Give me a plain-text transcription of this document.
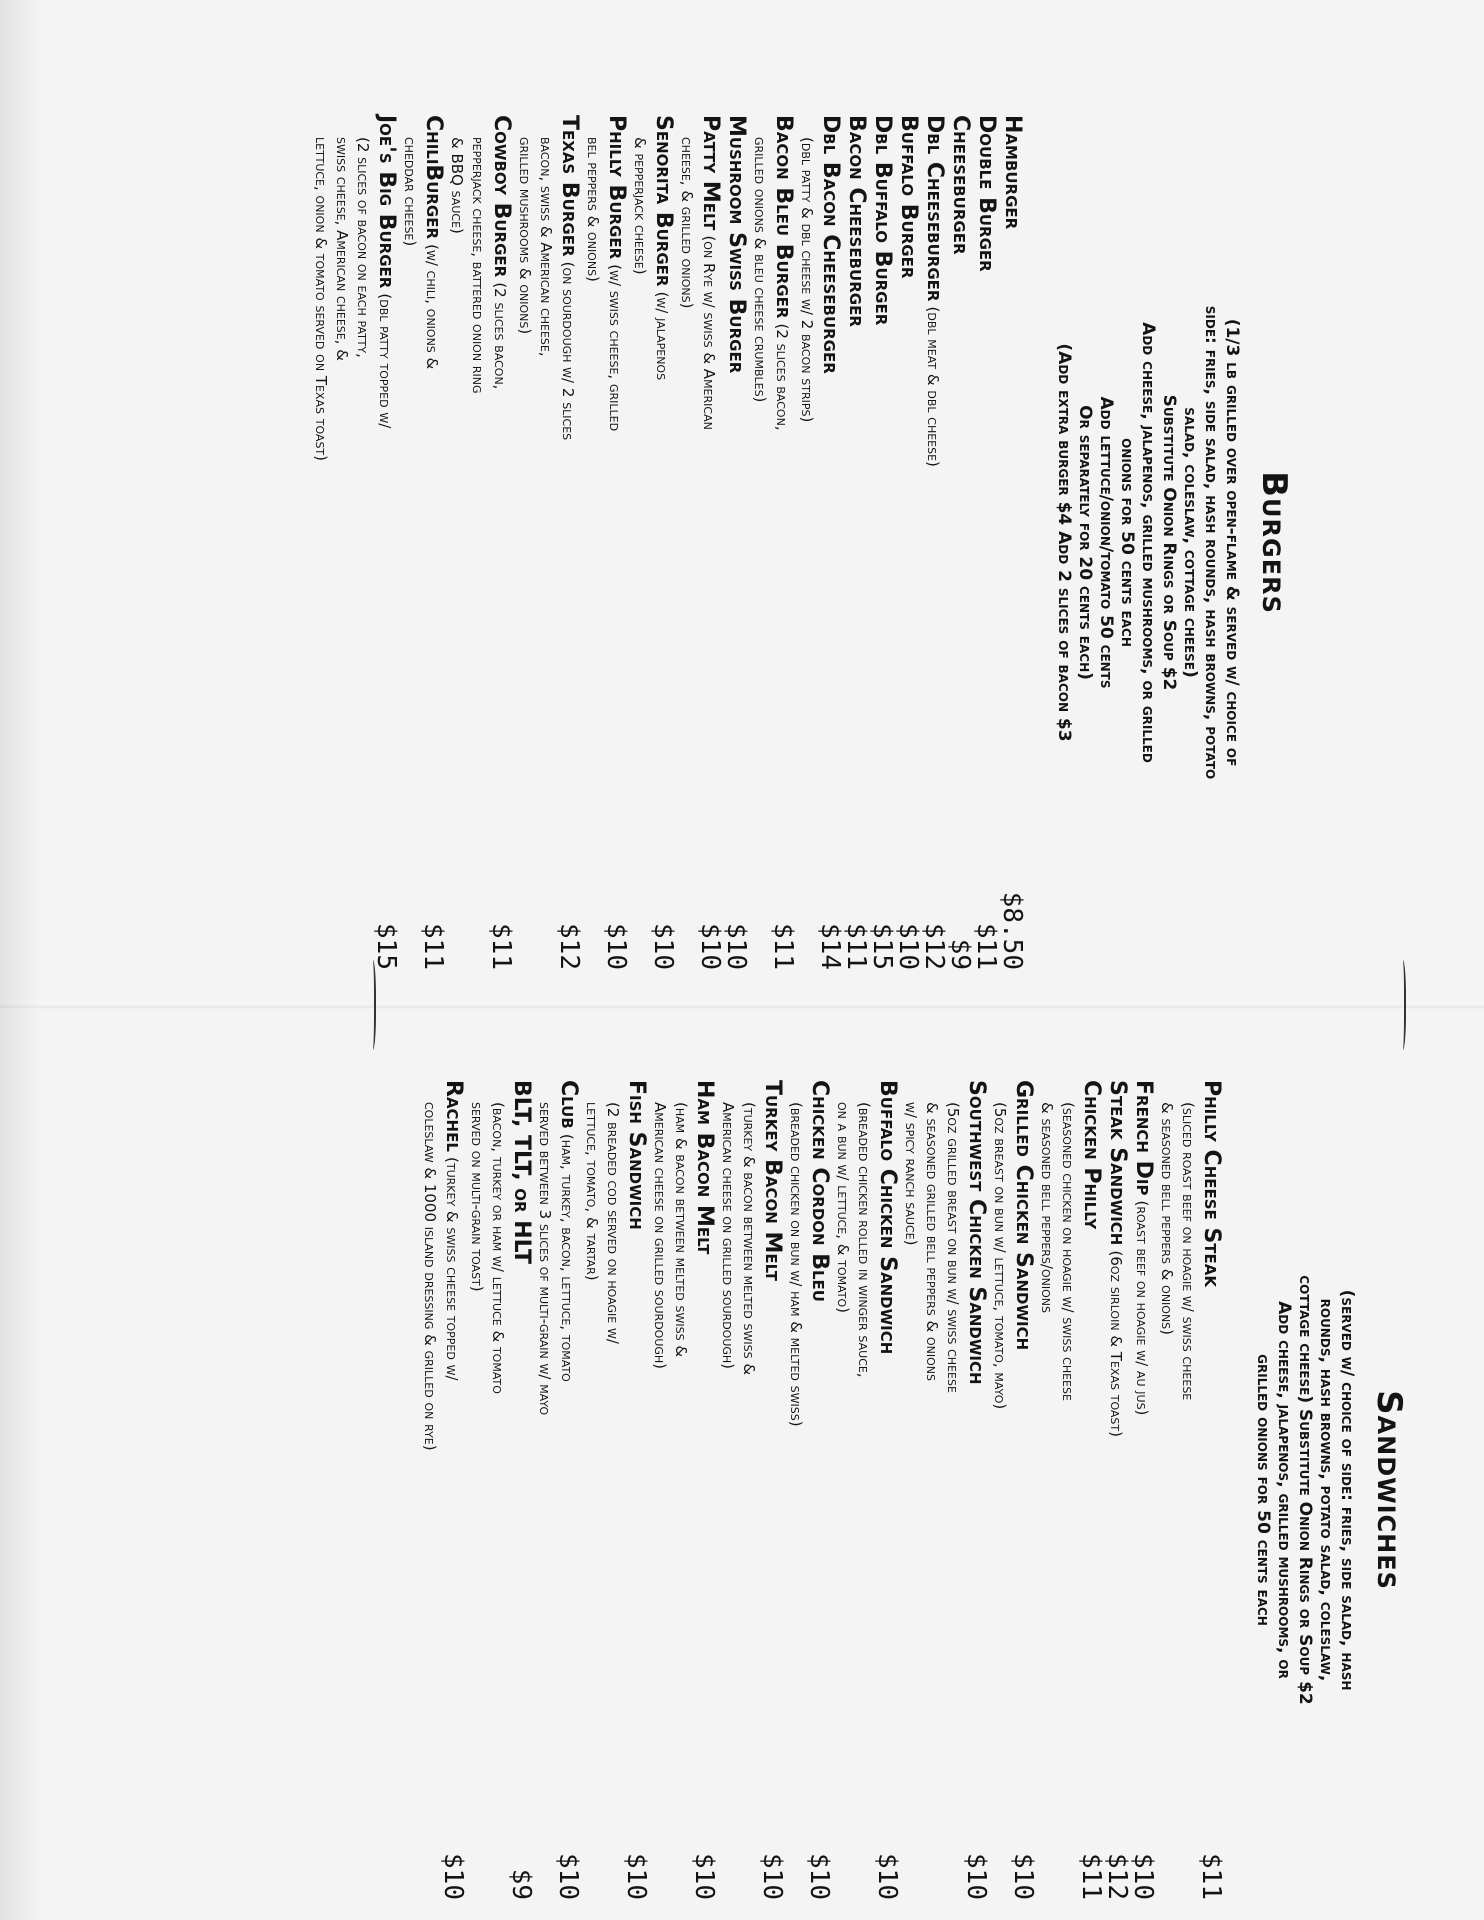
Burgers

(1/3 lb grilled over open-flame & served w/ choice of

side: fries, side salad, hash rounds, hash browns, potato

salad, coleslaw, cottage cheese)

Substitute Onion Rings or Soup $2

Add cheese, jalapenos, grilled mushrooms, or grilled

onions for 50 cents each

Add lettuce/onion/tomato 50 cents

Or separately for 20 cents each)

(Add extra burger $4 Add 2 slices of bacon $3

Hamburger
$8.50
Double Burger
$11
Cheeseburger
$9
Dbl Cheeseburger (dbl meat & dbl cheese)
$12
Buffalo Burger
$10
Dbl Buffalo Burger
$15
Bacon Cheeseburger
$11
Dbl Bacon Cheeseburger
(dbl patty & dbl cheese w/ 2 bacon strips)
$14
Bacon Bleu Burger (2 slices bacon,
grilled onions & bleu cheese crumbles)
$11
Mushroom Swiss Burger
$10
Patty Melt (on Rye w/ swiss & American
cheese, & grilled onions)
$10
Senorita Burger (w/ jalapenos
& pepperjack cheese)
$10
Philly Burger (w/ swiss cheese, grilled
bel peppers & onions)
$10
Texas Burger (on sourdough w/ 2 slices
bacon, swiss & American cheese,
grilled mushrooms & onions)
$12
Cowboy Burger (2 slices bacon,
pepperjack cheese, battered onion ring
& BBQ sauce)
$11
ChiliBurger (w/ chili, onions &
cheddar cheese)
$11
Joe's Big Burger (dbl patty topped w/
(2 slices of bacon on each patty,
swiss cheese, American cheese, &
lettuce, onion & tomato served on Texas toast)
$15
Sandwiches

(served w/ choice of side: fries, side salad, hash

rounds, hash browns, potato salad, coleslaw,

cottage cheese) Substitute Onion Rings or Soup $2

Add cheese, jalapenos, grilled mushrooms, or

grilled onions for 50 cents each

Philly Cheese Steak
(sliced roast beef on hoagie w/ swiss cheese
& seasoned bell peppers & onions)
$11
French Dip (roast beef on hoagie w/ au jus)
$10
Steak Sandwich (6oz sirloin & Texas toast)
$12
Chicken Philly
(seasoned chicken on hoagie w/ swiss cheese
& seasoned bell peppers/onions
$11
Grilled Chicken Sandwich
(5oz breast on bun w/ lettuce, tomato, mayo)
$10
Southwest Chicken Sandwich
(5oz grilled breast on bun w/ swiss cheese
& seasoned grilled bell peppers & onions
w/ spicy ranch sauce)
$10
Buffalo Chicken Sandwich
(breaded chicken rolled in winger sauce,
on a bun w/ lettuce, & tomato)
$10
Chicken Cordon Bleu
(breaded chicken on bun w/ ham & melted swiss)
$10
Turkey Bacon Melt
(turkey & bacon between melted swiss &
American cheese on grilled sourdough)
$10
Ham Bacon Melt
(ham & bacon between melted swiss &
American cheese on grilled sourdough)
$10
Fish Sandwich
(2 breaded cod served on hoagie w/
lettuce, tomato, & tartar)
$10
Club (ham, turkey, bacon, lettuce, tomato
served between 3 slices of multi-grain w/ mayo
$10
BLT, TLT, or HLT
(bacon, turkey or ham w/ lettuce & tomato
served on multi-grain toast)
$9
Rachel (turkey & swiss cheese topped w/
coleslaw & 1000 island dressing & grilled on rye)
$10
